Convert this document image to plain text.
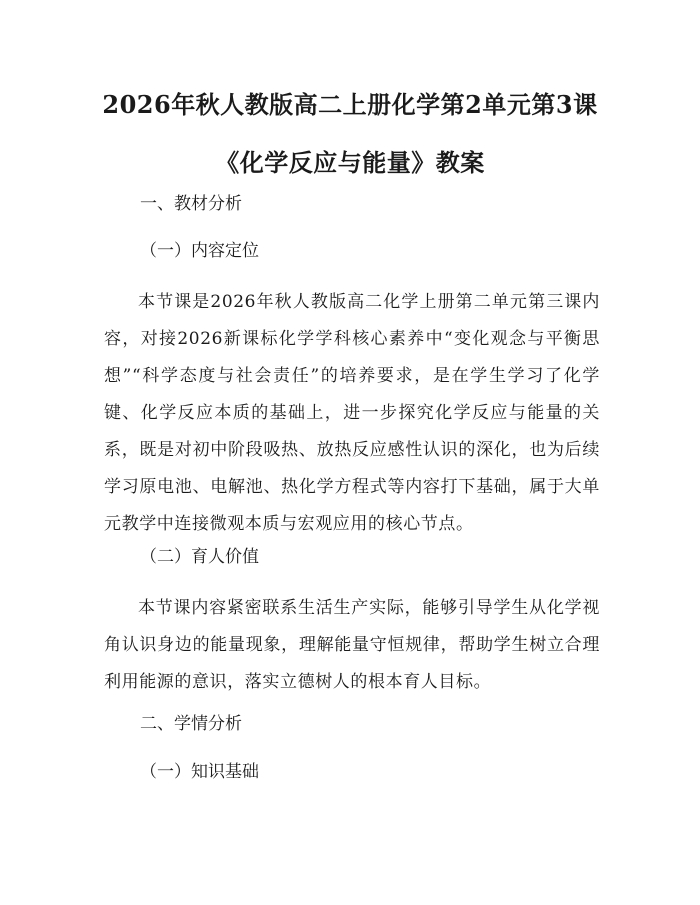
2026年秋人教版高二上册化学第2单元第3课《化学反应与能量》教案
一、教材分析
（一）内容定位

本节课是2026年秋人教版高二化学上册第二单元第三课内容，对接2026新课标化学学科核心素养中“变化观念与平衡思想”“科学态度与社会责任”的培养要求，是在学生学习了化学键、化学反应本质的基础上，进一步探究化学反应与能量的关系，既是对初中阶段吸热、放热反应感性认识的深化，也为后续学习原电池、电解池、热化学方程式等内容打下基础，属于大单元教学中连接微观本质与宏观应用的核心节点。

（二）育人价值

本节课内容紧密联系生活生产实际，能够引导学生从化学视角认识身边的能量现象，理解能量守恒规律，帮助学生树立合理利用能源的意识，落实立德树人的根本育人目标。

二、学情分析
（一）知识基础
